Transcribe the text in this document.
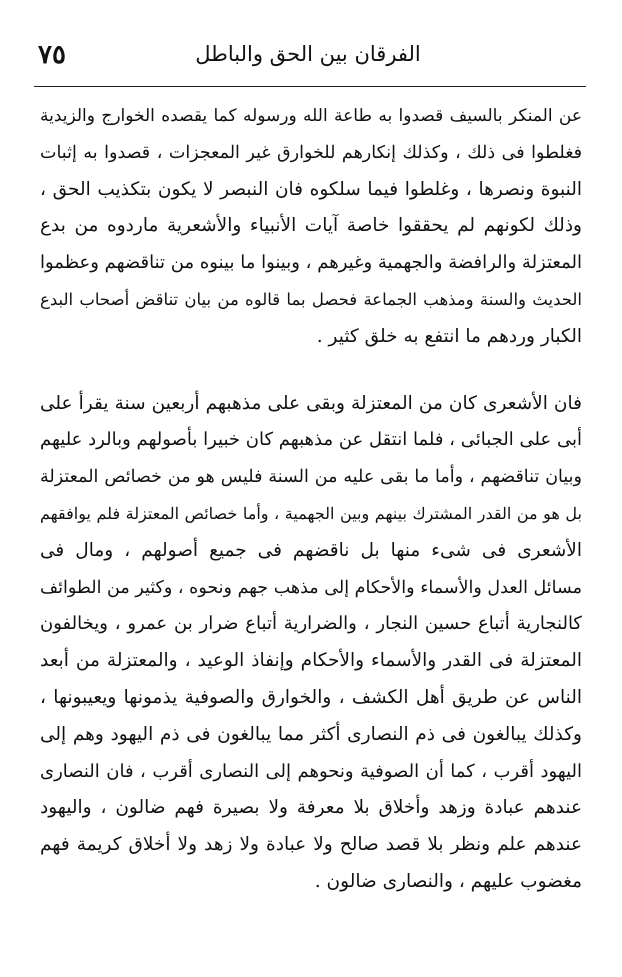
٧٥	الفرقان بين الحق والباطل
عن المنكر بالسيف قصدوا به طاعة الله ورسوله كما يقصده الخوارج والزيدية
فغلطوا فى ذلك ، وكذلك إنكارهم للخوارق غير المعجزات ، قصدوا به إثبات
النبوة ونصرها ، وغلطوا فيما سلكوه فان النبصر لا يكون بتكذيب الحق ،
وذلك لكونهم لم يحققوا خاصة آيات الأنبياء والأشعرية ماردوه من بدع
المعتزلة والرافضة والجهمية وغيرهم ، وبينوا ما بينوه من تناقضهم وعظموا
الحديث والسنة ومذهب الجماعة فحصل بما قالوه من بيان تناقض أصحاب البدع
الكبار وردهم ما انتفع به خلق كثير .
فان الأشعرى كان من المعتزلة وبقى على مذهبهم أربعين سنة يقرأ على
أبى على الجبائى ، فلما انتقل عن مذهبهم كان خبيرا بأصولهم وبالرد عليهم
وبيان تناقضهم ، وأما ما بقى عليه من السنة فليس هو من خصائص المعتزلة
بل هو من القدر المشترك بينهم وبين الجهمية ، وأما خصائص المعتزلة فلم يوافقهم
الأشعرى فى شىء منها بل ناقضهم فى جميع أصولهم ، ومال فى
مسائل العدل والأسماء والأحكام إلى مذهب جهم ونحوه ، وكثير من الطوائف
كالنجارية أتباع حسين النجار ، والضرارية أتباع ضرار بن عمرو ، ويخالفون
المعتزلة فى القدر والأسماء والأحكام وإنفاذ الوعيد ، والمعتزلة من أبعد
الناس عن طريق أهل الكشف ، والخوارق والصوفية يذمونها ويعيبونها ،
وكذلك يبالغون فى ذم النصارى أكثر مما يبالغون فى ذم اليهود وهم إلى
اليهود أقرب ، كما أن الصوفية ونحوهم إلى النصارى أقرب ، فان النصارى
عندهم عبادة وزهد وأخلاق بلا معرفة ولا بصيرة فهم ضالون ، واليهود
عندهم علم ونظر بلا قصد صالح ولا عبادة ولا زهد ولا أخلاق كريمة فهم
مغضوب عليهم ، والنصارى ضالون .
